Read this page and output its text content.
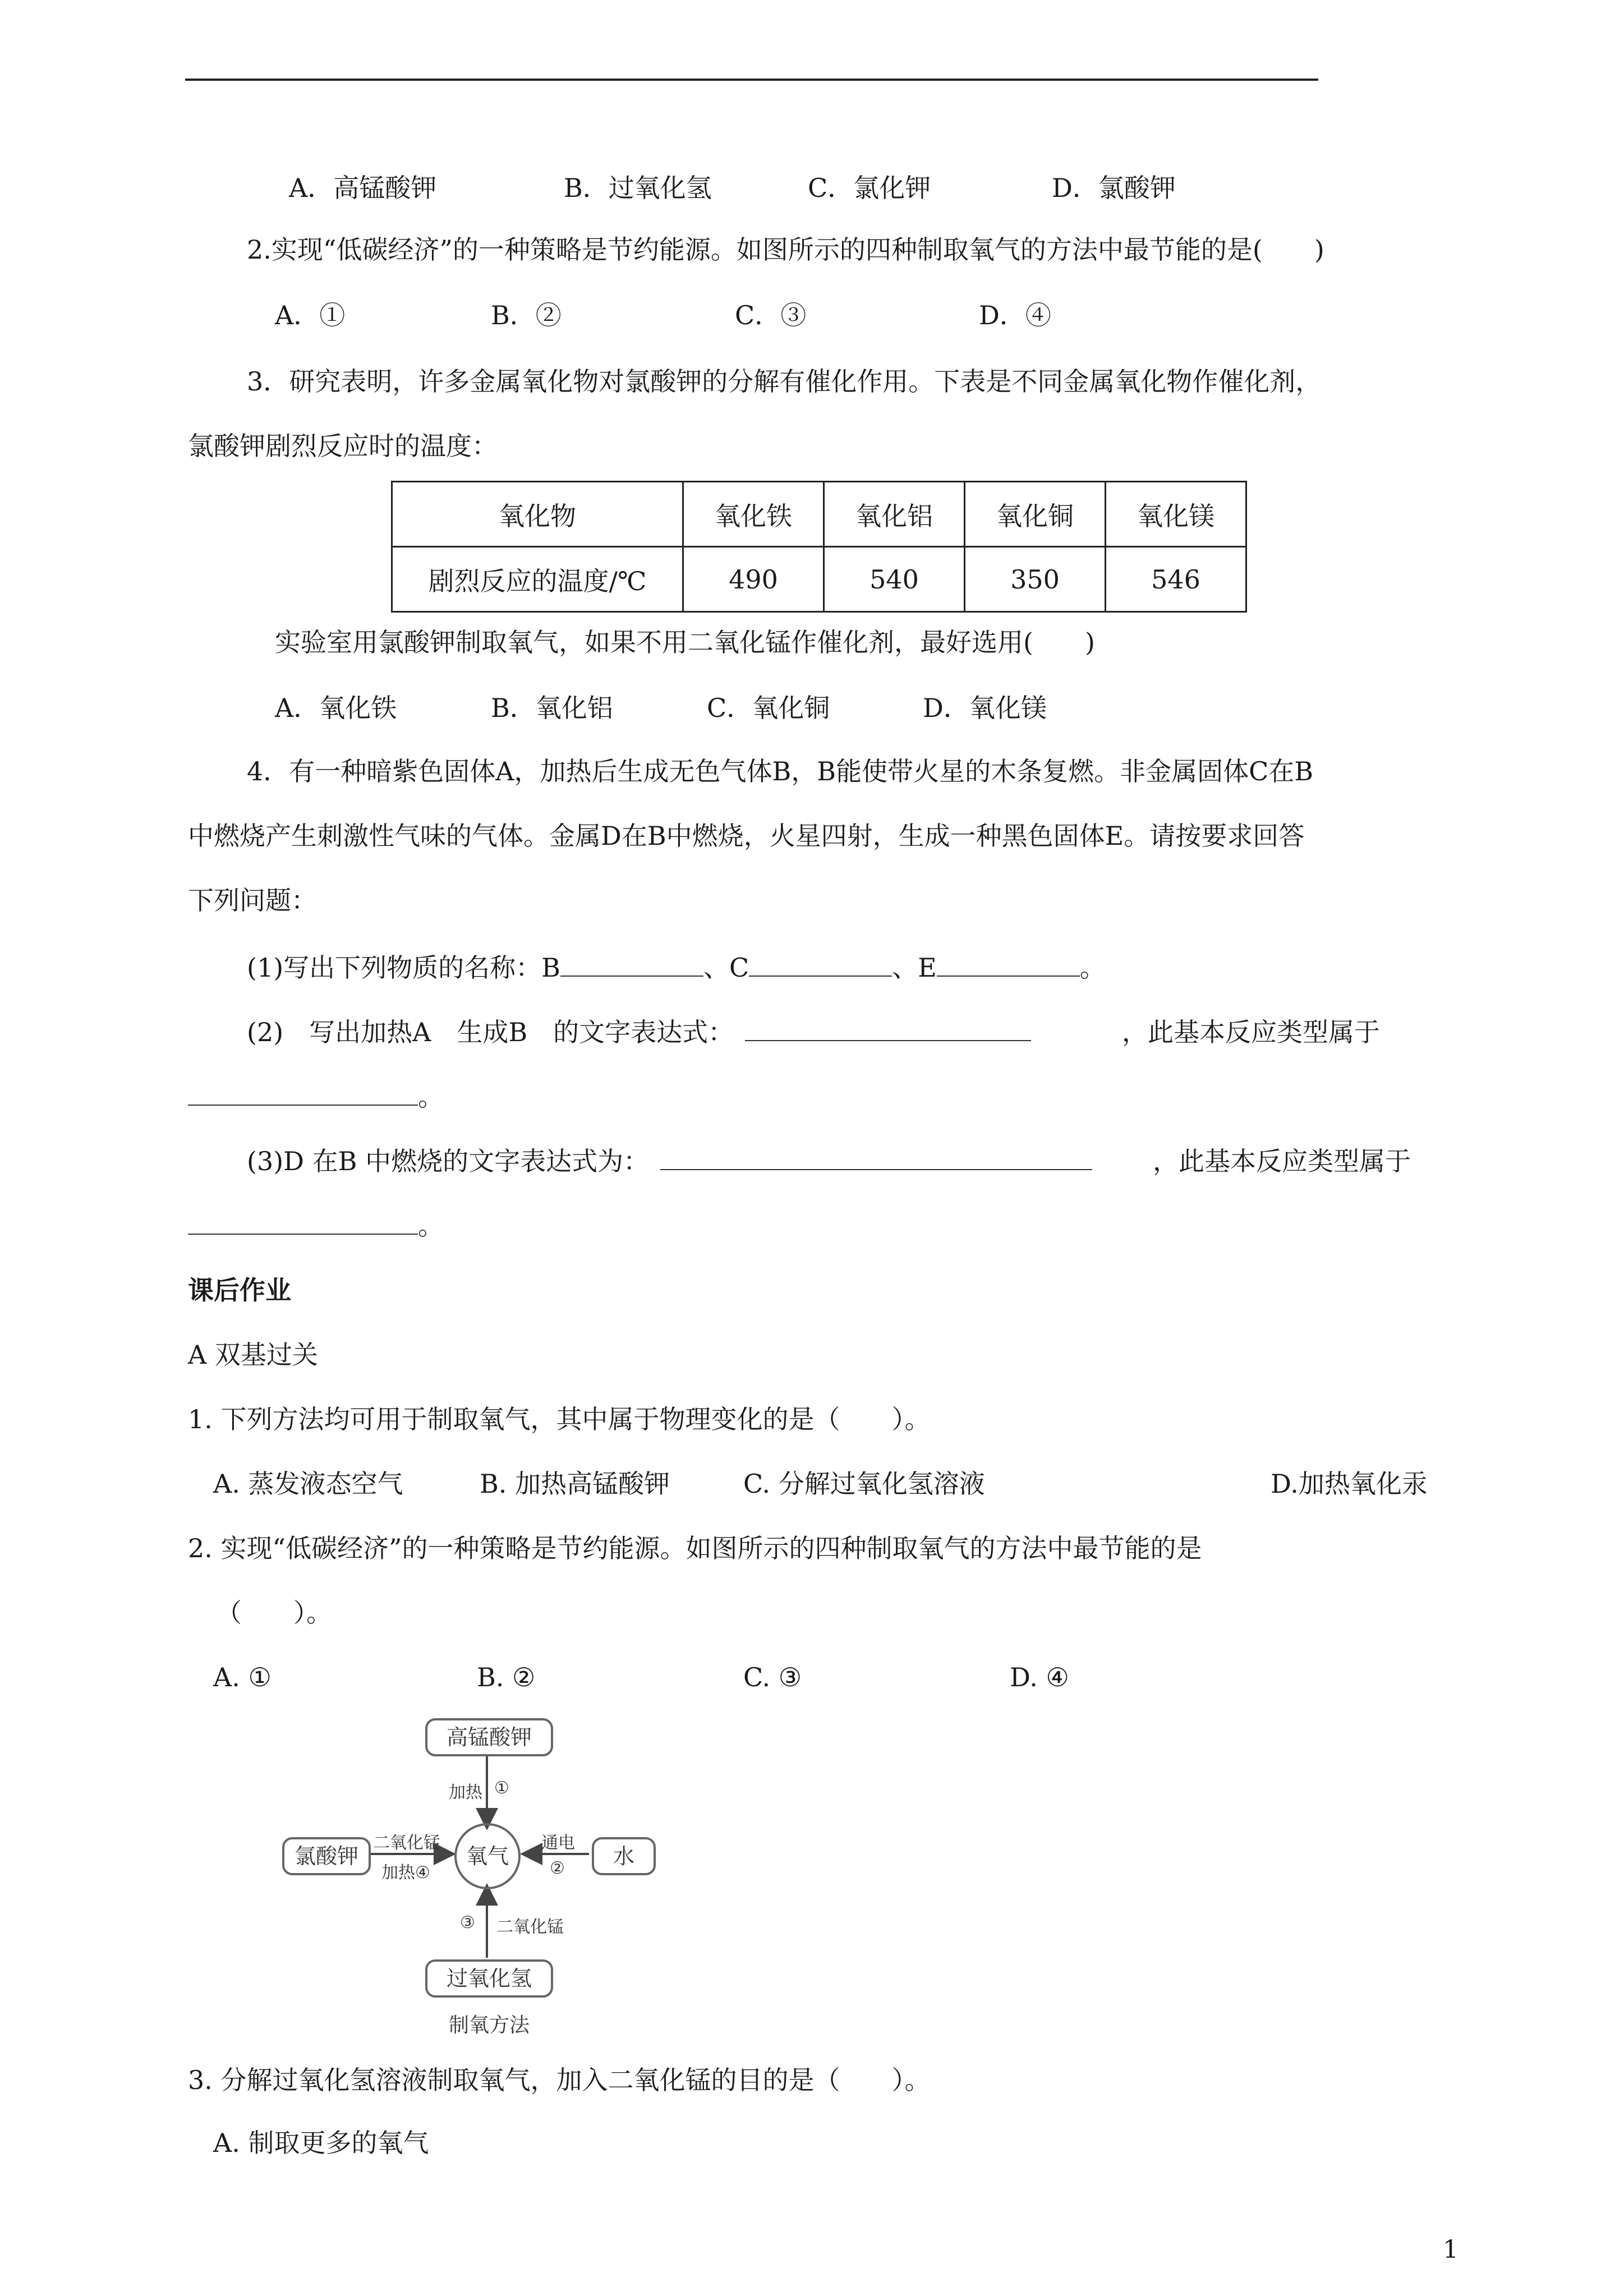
A．高锰酸钾	B．过氧化氢	C．氯化钾	D．氯酸钾
2.实现“低碳经济”的一种策略是节约能源。如图所示的四种制取氧气的方法中最节能的是(　　)
A．①	B．②	C．③	D．④
3．研究表明，许多金属氧化物对氯酸钾的分解有催化作用。下表是不同金属氧化物作催化剂，
氯酸钾剧烈反应时的温度：
氧化物	氧化铁	氧化铝	氧化铜	氧化镁
剧烈反应的温度/℃	490	540	350	546
实验室用氯酸钾制取氧气，如果不用二氧化锰作催化剂，最好选用(　　)
A．氧化铁	B．氧化铝	C．氧化铜	D．氧化镁
4．有一种暗紫色固体A，加热后生成无色气体B，B能使带火星的木条复燃。非金属固体C在B
中燃烧产生刺激性气味的气体。金属D在B中燃烧，火星四射，生成一种黑色固体E。请按要求回答
下列问题：
(1)写出下列物质的名称：B	、C	、E	。
(2)　写出加热A　生成B　的文字表达式：	，此基本反应类型属于
。
(3)D 在B 中燃烧的文字表达式为：	，此基本反应类型属于
。
课后作业
A 双基过关
1. 下列方法均可用于制取氧气，其中属于物理变化的是（　　）。
A. 蒸发液态空气	B. 加热高锰酸钾	C. 分解过氧化氢溶液	D.加热氧化汞
2. 实现“低碳经济”的一种策略是节约能源。如图所示的四种制取氧气的方法中最节能的是
（　　）。
A. ①	B. ②	C. ③	D. ④
高锰酸钾
氯酸钾	水
过氧化氢
氧气
加热 ①
二氧化锰
加热④
通电
②
③ 二氧化锰
制氧方法
3. 分解过氧化氢溶液制取氧气，加入二氧化锰的目的是（　　）。
A. 制取更多的氧气
1
